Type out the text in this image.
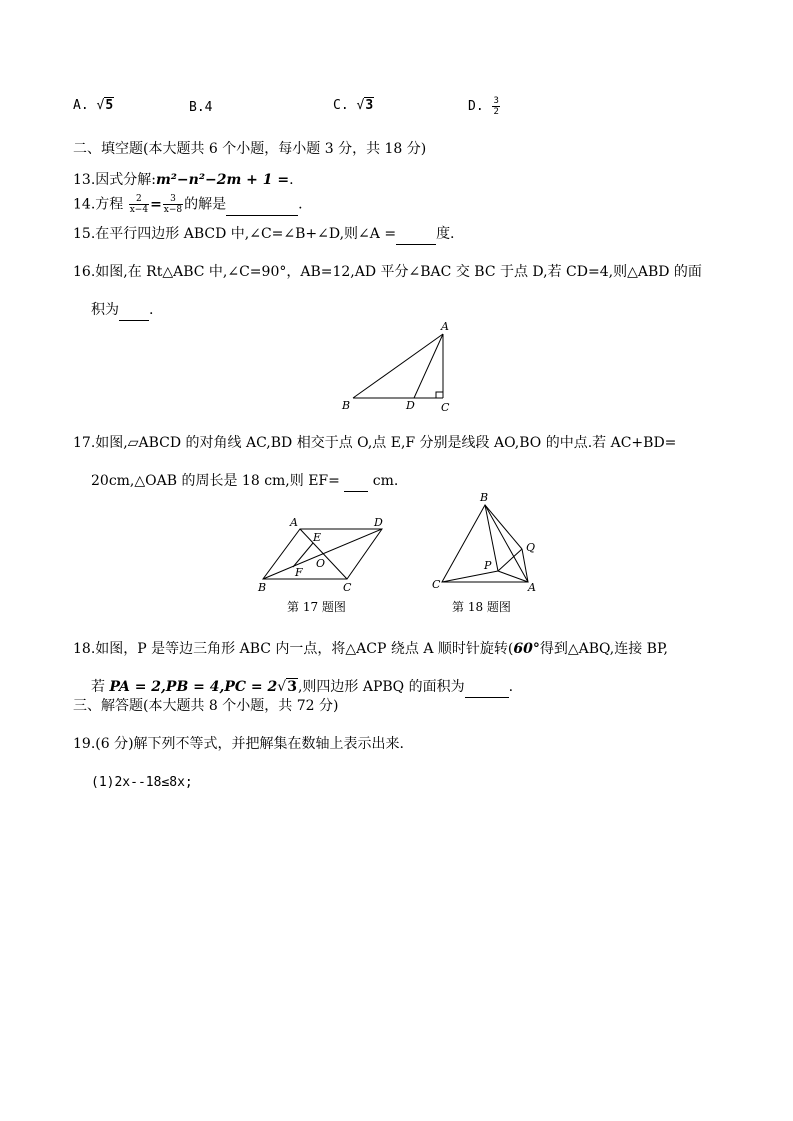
A. √5	B.4	C. √3	D. $\frac{3}{2}$
二、填空题(本大题共 6 个小题，每小题 3 分，共 18 分)
13.因式分解:m²−n²−2m + 1 =.
14.方程 $\frac{2}{x-4} = \frac{3}{x-8}$ 的解是	.
15.在平行四边形 ABCD 中,∠C=∠B+∠D,则∠A =	度.
16.如图,在 Rt△ABC 中,∠C=90°，AB=12,AD 平分∠BAC 交 BC 于点 D,若 CD=4,则△ABD 的面
积为 .
A
B	D C
A	D
E
O
F
B	C
第 17 题图
B
Q
P
C	A
第 18 题图
17.如图,▱ABCD 的对角线 AC,BD 相交于点 O,点 E,F 分别是线段 AO,BO 的中点.若 AC+BD=
20cm,△OAB 的周长是 18 cm,则 EF= cm.
18.如图，P 是等边三角形 ABC 内一点，将△ACP 绕点 A 顺时针旋转(60°得到△ABQ,连接 BP,
若 PA = 2,PB = 4,PC = 2√3,则四边形 APBQ 的面积为	.
三、解答题(本大题共 8 个小题，共 72 分)
19.(6 分)解下列不等式，并把解集在数轴上表示出来.
(1)2x--18≤8x;
